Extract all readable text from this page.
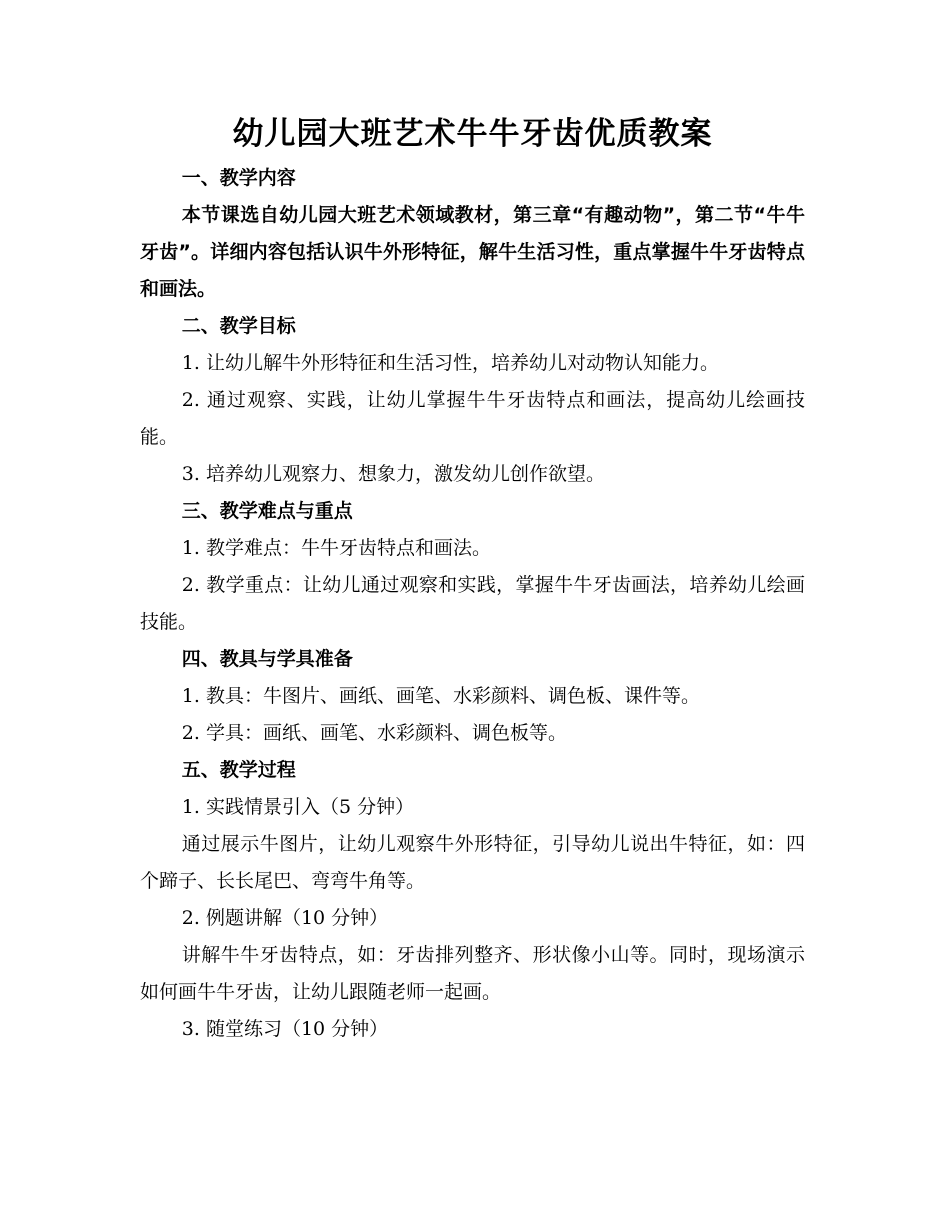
幼儿园大班艺术牛牛牙齿优质教案
一、教学内容
本节课选自幼儿园大班艺术领域教材，第三章“有趣动物”，第二节“牛牛牙齿”。详细内容包括认识牛外形特征，解牛生活习性，重点掌握牛牛牙齿特点和画法。
二、教学目标
1. 让幼儿解牛外形特征和生活习性，培养幼儿对动物认知能力。
2. 通过观察、实践，让幼儿掌握牛牛牙齿特点和画法，提高幼儿绘画技能。
3. 培养幼儿观察力、想象力，激发幼儿创作欲望。
三、教学难点与重点
1. 教学难点：牛牛牙齿特点和画法。
2. 教学重点：让幼儿通过观察和实践，掌握牛牛牙齿画法，培养幼儿绘画技能。
四、教具与学具准备
1. 教具：牛图片、画纸、画笔、水彩颜料、调色板、课件等。
2. 学具：画纸、画笔、水彩颜料、调色板等。
五、教学过程
1. 实践情景引入（5 分钟）
通过展示牛图片，让幼儿观察牛外形特征，引导幼儿说出牛特征，如：四个蹄子、长长尾巴、弯弯牛角等。
2. 例题讲解（10 分钟）
讲解牛牛牙齿特点，如：牙齿排列整齐、形状像小山等。同时，现场演示如何画牛牛牙齿，让幼儿跟随老师一起画。
3. 随堂练习（10 分钟）
